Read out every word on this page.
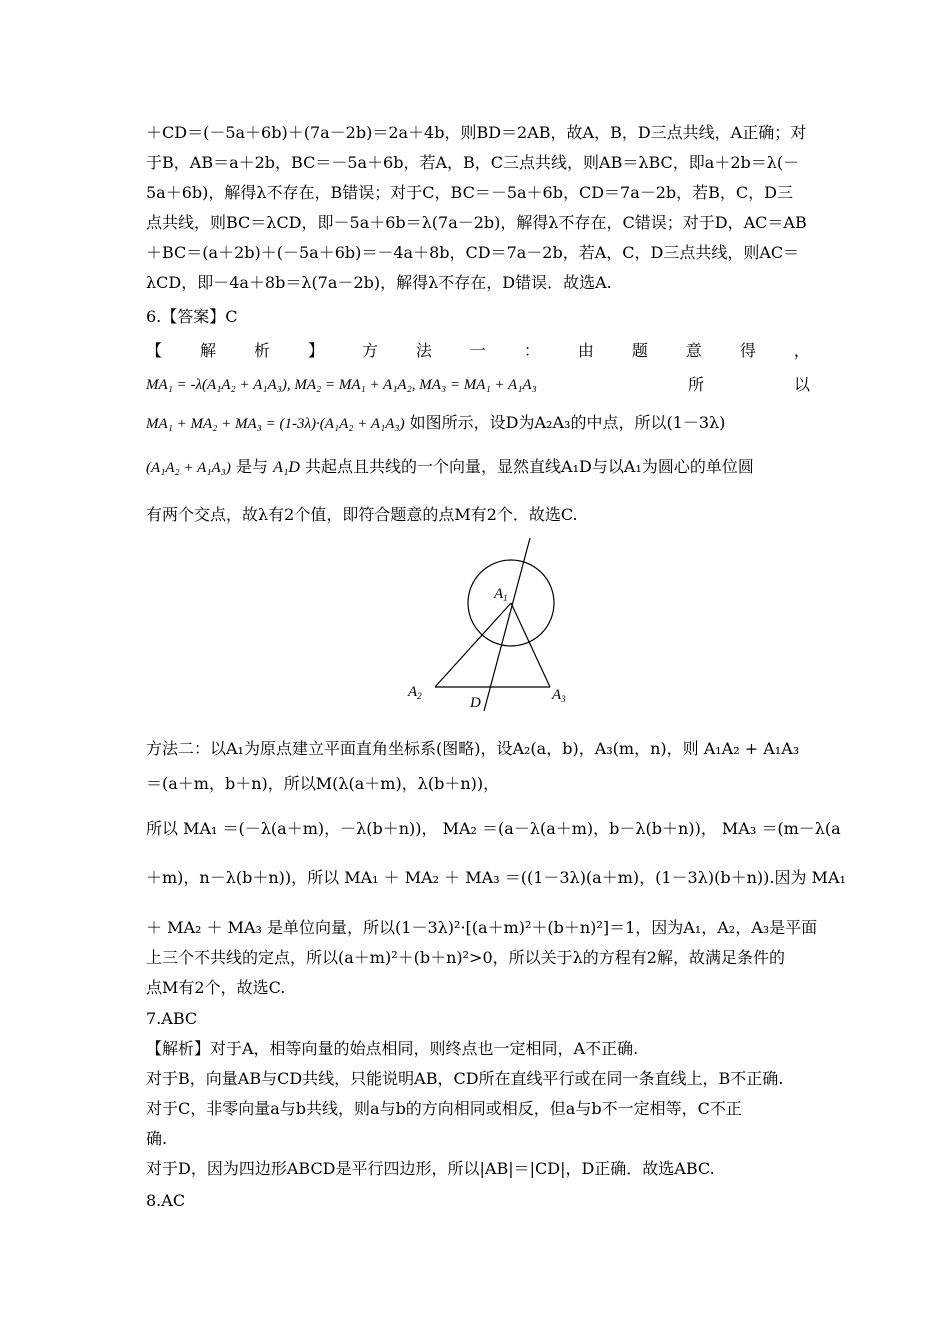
＋CD＝(－5a＋6b)＋(7a－2b)＝2a＋4b，则BD＝2AB，故A，B，D三点共线，A正确；对
于B，AB＝a＋2b，BC＝－5a＋6b，若A，B，C三点共线，则AB＝λBC，即a＋2b＝λ(－
5a＋6b)，解得λ不存在，B错误；对于C，BC＝－5a＋6b，CD＝7a－2b，若B，C，D三
点共线，则BC＝λCD，即－5a＋6b＝λ(7a－2b)，解得λ不存在，C错误；对于D，AC＝AB
＋BC＝(a＋2b)＋(－5a＋6b)＝－4a＋8b，CD＝7a－2b，若A，C，D三点共线，则AC＝
λCD，即－4a＋8b＝λ(7a－2b)，解得λ不存在，D错误．故选A.
6.【答案】C
【 解 析 】 方 法 一 ： 由 题 意 得 ，
MA₁ = -λ(A₁A₂ + A₁A₃), MA₂ = MA₁ + A₁A₂, MA₃ = MA₁ + A₁A₃	所	以
MA₁ + MA₂ + MA₃ = (1-3λ)·(A₁A₂ + A₁A₃) 如图所示，设D为A₂A₃的中点，所以(1－3λ)
(A₁A₂ + A₁A₃) 是与 A₁D 共起点且共线的一个向量，显然直线A₁D与以A₁为圆心的单位圆
有两个交点，故λ有2个值，即符合题意的点M有2个．故选C.
方法二：以A₁为原点建立平面直角坐标系(图略)，设A₂(a，b)，A₃(m，n)，则 A₁A₂ + A₁A₃
＝(a＋m，b＋n)，所以M(λ(a＋m)，λ(b＋n))，
所以 MA₁ ＝(－λ(a＋m)，－λ(b＋n))， MA₂ ＝(a－λ(a＋m)，b－λ(b＋n))， MA₃ ＝(m－λ(a
＋m)，n－λ(b＋n))，所以 MA₁ ＋ MA₂ ＋ MA₃ ＝((1－3λ)(a＋m)，(1－3λ)(b＋n)).因为 MA₁
＋ MA₂ ＋ MA₃ 是单位向量，所以(1－3λ)²·[(a＋m)²＋(b＋n)²]＝1，因为A₁，A₂，A₃是平面
上三个不共线的定点，所以(a＋m)²＋(b＋n)²>0，所以关于λ的方程有2解，故满足条件的
点M有2个，故选C.
7.ABC
【解析】对于A，相等向量的始点相同，则终点也一定相同，A不正确.
对于B，向量AB与CD共线，只能说明AB，CD所在直线平行或在同一条直线上，B不正确.
对于C，非零向量a与b共线，则a与b的方向相同或相反，但a与b不一定相等，C不正
确.
对于D，因为四边形ABCD是平行四边形，所以|AB|＝|CD|，D正确．故选ABC.
8.AC
$A_1$
$A_2$	$A_3$
D
